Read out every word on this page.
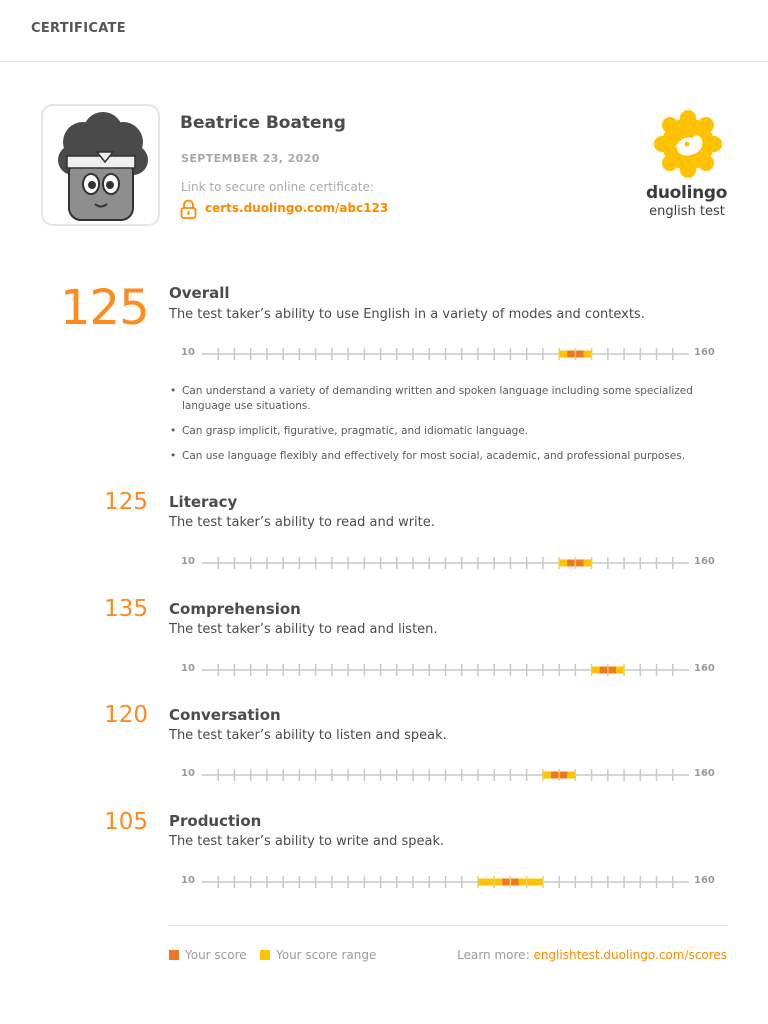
CERTIFICATE
Beatrice Boateng
SEPTEMBER 23, 2020
Link to secure online certificate:
certs.duolingo.com/abc123
duolingo
english test
125 Overall
The test taker’s ability to use English in a variety of modes and contexts.
10	160
• Can understand a variety of demanding written and spoken language including some specialized language use situations.
• Can grasp implicit, figurative, pragmatic, and idiomatic language.
• Can use language flexibly and effectively for most social, academic, and professional purposes.
125 Literacy
The test taker’s ability to read and write.
10	160
135 Comprehension
The test taker’s ability to read and listen.
10	160
120 Conversation
The test taker’s ability to listen and speak.
10	160
105 Production
The test taker’s ability to write and speak.
10	160
Your score Your score range	Learn more: englishtest.duolingo.com/scores
